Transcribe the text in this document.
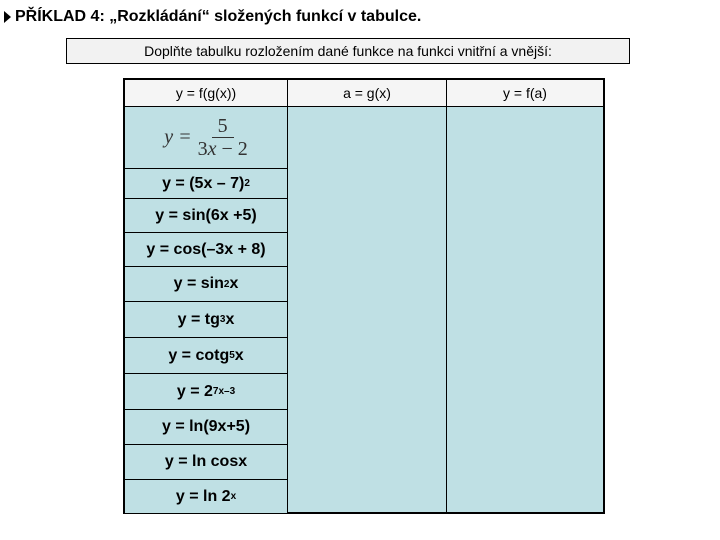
PŘÍKLAD 4: „Rozkládání“ složených funkcí v tabulce.
Doplňte tabulku rozložením dané funkce na funkci vnitřní a vnější:
y = f(g(x))	a = g(x)	y = f(a)
$y = \frac{5}{3x - 2}$
y = (5x – 7) 2
y = sin(6x +5)
y = cos(–3x + 8)
y = sin 2 x
y = tg 3 x
y = cotg 5 x
y = 2 7x–3
y = ln(9x+5)
y = ln cosx
y = ln 2 x
